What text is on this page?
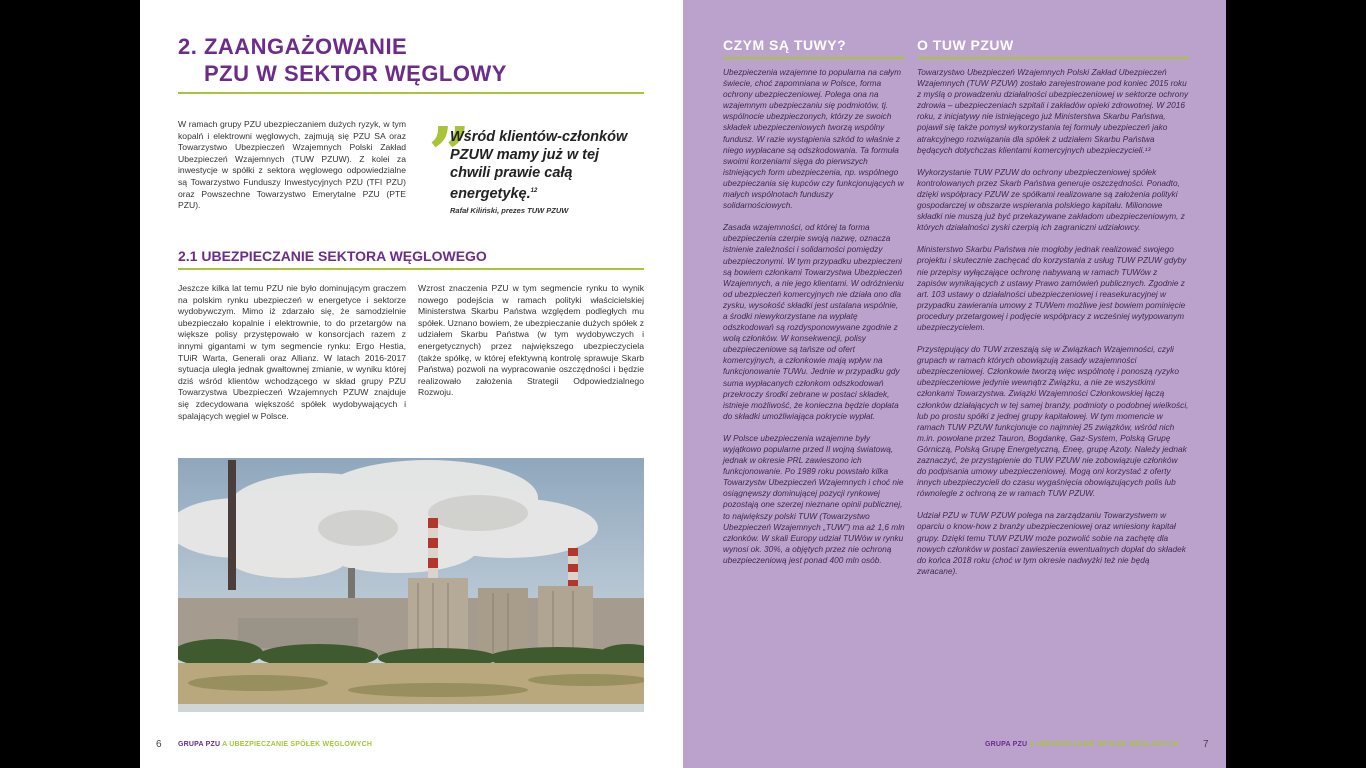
2. ZAANGAŻOWANIE
PZU W SEKTOR WĘGLOWY

W ramach grupy PZU ubezpieczaniem dużych ryzyk, w tym kopalń i elektrowni węglowych, zajmują się PZU SA oraz Towarzystwo Ubezpieczeń Wzajemnych Polski Zakład Ubezpieczeń Wzajemnych (TUW PZUW). Z kolei za inwestycje w spółki z sektora węglowego odpowiedzialne są Towarzystwo Funduszy Inwestycyjnych PZU (TFI PZU) oraz Powszechne Towarzystwo Emerytalne PZU (PTE PZU).

”

Wśród klientów-członków PZUW mamy już w tej chwili prawie całą energetykę.$^{12}$

Rafał Kiliński, prezes TUW PZUW
2.1 UBEZPIECZANIE SEKTORA WĘGLOWEGO

Jeszcze kilka lat temu PZU nie było dominującym graczem na polskim rynku ubezpieczeń w energetyce i sektorze wydobywczym. Mimo iż zdarzało się, że samodzielnie ubezpieczało kopalnie i elektrownie, to do przetargów na większe polisy przystępowało w konsorcjach razem z innymi gigantami w tym segmencie rynku: Ergo Hestia, TUiR Warta, Generali oraz Allianz. W latach 2016-2017 sytuacja uległa jednak gwałtownej zmianie, w wyniku której dziś wśród klientów wchodzącego w skład grupy PZU Towarzystwa Ubezpieczeń Wzajemnych PZUW znajduje się zdecydowana większość spółek wydobywających i spalających węgiel w Polsce.

Wzrost znaczenia PZU w tym segmencie rynku to wynik nowego podejścia w ramach polityki właścicielskiej Ministerstwa Skarbu Państwa względem podległych mu spółek. Uznano bowiem, że ubezpieczanie dużych spółek z udziałem Skarbu Państwa (w tym wydobywczych i energetycznych) przez największego ubezpieczyciela (także spółkę, w której efektywną kontrolę sprawuje Skarb Państwa) pozwoli na wypracowanie oszczędności i będzie realizowało założenia Strategii Odpowiedzialnego Rozwoju.

6 GRUPA PZU A UBEZPIECZANIE SPÓŁEK WĘGLOWYCH
CZYM SĄ TUWY?	O TUW PZUW

Ubezpieczenia wzajemne to popularna na całym świecie, choć zapomniana w Polsce, forma ochrony ubezpieczeniowej. Polega ona na wzajemnym ubezpieczaniu się podmiotów, tj. wspólnocie ubezpieczonych, którzy ze swoich składek ubezpieczeniowych tworzą wspólny fundusz. W razie wystąpienia szkód to właśnie z niego wypłacane są odszkodowania. Ta formuła swoimi korzeniami sięga do pierwszych istniejących form ubezpieczenia, np. wspólnego ubezpieczania się kupców czy funkcjonujących w małych wspólnotach funduszy solidarnościowych.

Zasada wzajemności, od której ta forma ubezpieczenia czerpie swoją nazwę, oznacza istnienie zależności i solidarności pomiędzy ubezpieczonymi. W tym przypadku ubezpieczeni są bowiem członkami Towarzystwa Ubezpieczeń Wzajemnych, a nie jego klientami. W odróżnieniu od ubezpieczeń komercyjnych nie działa ono dla zysku, wysokość składki jest ustalana wspólnie, a środki niewykorzystane na wypłatę odszkodowań są rozdysponowywane zgodnie z wolą członków. W konsekwencji, polisy ubezpieczeniowe są tańsze od ofert komercyjnych, a członkowie mają wpływ na funkcjonowanie TUWu. Jednie w przypadku gdy suma wypłacanych członkom odszkodowań przekroczy środki zebrane w postaci składek, istnieje możliwość, że konieczna będzie dopłata do składki umożliwiająca pokrycie wypłat.

W Polsce ubezpieczenia wzajemne były wyjątkowo popularne przed II wojną światową, jednak w okresie PRL zawieszono ich funkcjonowanie. Po 1989 roku powstało kilka Towarzystw Ubezpieczeń Wzajemnych i choć nie osiągnęwszy dominującej pozycji rynkowej pozostają one szerzej nieznane opinii publicznej, to największy polski TUW (Towarzystwo Ubezpieczeń Wzajemnych „TUW”) ma aż 1,6 mln członków. W skali Europy udział TUWów w rynku wynosi ok. 30%, a objętych przez nie ochroną ubezpieczeniową jest ponad 400 mln osób.

Towarzystwo Ubezpieczeń Wzajemnych Polski Zakład Ubezpieczeń Wzajemnych (TUW PZUW) zostało zarejestrowane pod koniec 2015 roku z myślą o prowadzeniu działalności ubezpieczeniowej w sektorze ochrony zdrowia – ubezpieczeniach szpitali i zakładów opieki zdrowotnej. W 2016 roku, z inicjatywy nie istniejącego już Ministerstwa Skarbu Państwa, pojawił się także pomysł wykorzystania tej formuły ubezpieczeń jako atrakcyjnego rozwiązania dla spółek z udziałem Skarbu Państwa będących dotychczas klientami komercyjnych ubezpieczycieli.¹³

Wykorzystanie TUW PZUW do ochrony ubezpieczeniowej spółek kontrolowanych przez Skarb Państwa generuje oszczędności. Ponadto, dzięki współpracy PZUW ze spółkami realizowane są założenia polityki gospodarczej w obszarze wspierania polskiego kapitału. Milionowe składki nie muszą już być przekazywane zakładom ubezpieczeniowym, z których działalności zyski czerpią ich zagraniczni udziałowcy.

Ministerstwo Skarbu Państwa nie mogłoby jednak realizować swojego projektu i skutecznie zachęcać do korzystania z usług TUW PZUW gdyby nie przepisy wyłączające ochronę nabywaną w ramach TUWów z zapisów wynikających z ustawy Prawo zamówień publicznych. Zgodnie z art. 103 ustawy o działalności ubezpieczeniowej i reasekuracyjnej w przypadku zawierania umowy z TUWem możliwe jest bowiem pominięcie procedury przetargowej i podjęcie współpracy z wcześniej wytypowanym ubezpieczycielem.

Przystępujący do TUW zrzeszają się w Związkach Wzajemności, czyli grupach w ramach których obowiązują zasady wzajemności ubezpieczeniowej. Członkowie tworzą więc wspólnotę i ponoszą ryzyko ubezpieczeniowe jedynie wewnątrz Związku, a nie ze wszystkimi członkami Towarzystwa. Związki Wzajemności Członkowskiej łączą członków działających w tej samej branży, podmioty o podobnej wielkości, lub po prostu spółki z jednej grupy kapitałowej. W tym momencie w ramach TUW PZUW funkcjonuje co najmniej 25 związków, wśród nich m.in. powołane przez Tauron, Bogdankę, Gaz-System, Polską Grupę Górniczą, Polską Grupę Energetyczną, Eneę, grupę Azoty. Należy jednak zaznaczyć, że przystąpienie do TUW PZUW nie zobowiązuje członków do podpisania umowy ubezpieczeniowej. Mogą oni korzystać z oferty innych ubezpieczycieli do czasu wygaśnięcia obowiązujących polis lub równolegle z ochroną ze w ramach TUW PZUW.

Udział PZU w TUW PZUW polega na zarządzaniu Towarzystwem w oparciu o know-how z branży ubezpieczeniowej oraz wniesiony kapitał grupy. Dzięki temu TUW PZUW może pozwolić sobie na zachętę dla nowych członków w postaci zawieszenia ewentualnych dopłat do składek do końca 2018 roku (choć w tym okresie nadwyżki też nie będą zwracane).

GRUPA PZU A UBEZPIECZANIE SPÓŁEK WĘGLOWYCH 7
